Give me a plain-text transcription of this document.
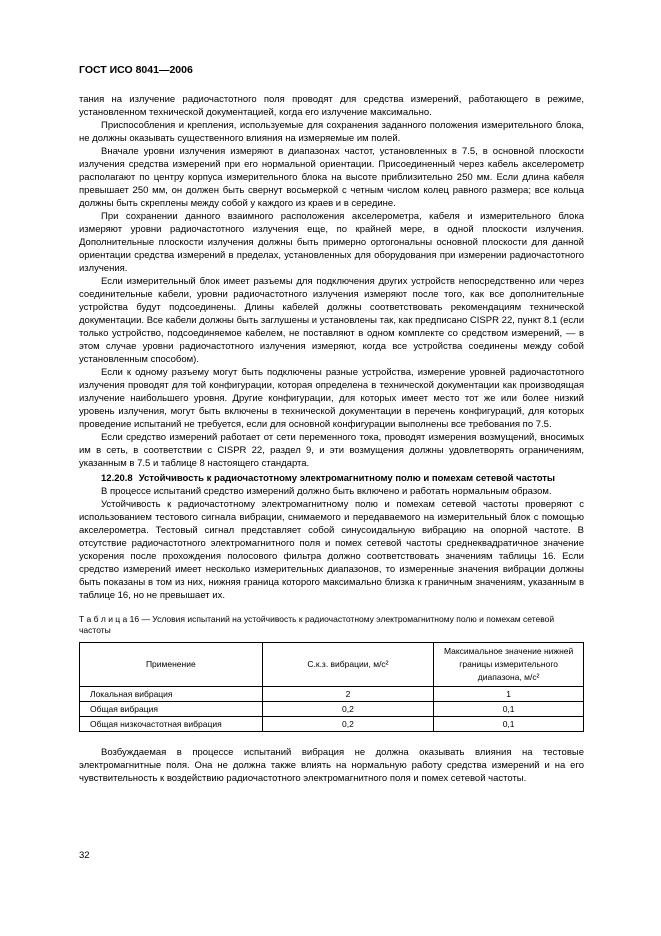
ГОСТ ИСО 8041—2006

тания на излучение радиочастотного поля проводят для средства измерений, работающего в режиме, установленном технической документацией, когда его излучение максимально.

Приспособления и крепления, используемые для сохранения заданного положения измерительного блока, не должны оказывать существенного влияния на измеряемые им полей.

Вначале уровни излучения измеряют в диапазонах частот, установленных в 7.5, в основной плоскости излучения средства измерений при его нормальной ориентации. Присоединенный через кабель акселерометр располагают по центру корпуса измерительного блока на высоте приблизительно 250 мм. Если длина кабеля превышает 250 мм, он должен быть свернут восьмеркой с четным числом колец равного размера; все кольца должны быть скреплены между собой у каждого из краев и в середине.

При сохранении данного взаимного расположения акселерометра, кабеля и измерительного блока измеряют уровни радиочастотного излучения еще, по крайней мере, в одной плоскости излучения. Дополнительные плоскости излучения должны быть примерно ортогональны основной плоскости для данной ориентации средства измерений в пределах, установленных для оборудования при измерении радиочастотного излучения.

Если измерительный блок имеет разъемы для подключения других устройств непосредственно или через соединительные кабели, уровни радиочастотного излучения измеряют после того, как все дополнительные устройства будут подсоединены. Длины кабелей должны соответствовать рекомендациям технической документации. Все кабели должны быть заглушены и установлены так, как предписано CISPR 22, пункт 8.1 (если только устройство, подсоединяемое кабелем, не поставляют в одном комплекте со средством измерений, — в этом случае уровни радиочастотного излучения измеряют, когда все устройства соединены между собой установленным способом).

Если к одному разъему могут быть подключены разные устройства, измерение уровней радиочастотного излучения проводят для той конфигурации, которая определена в технической документации как производящая излучение наибольшего уровня. Другие конфигурации, для которых имеет место тот же или более низкий уровень излучения, могут быть включены в технической документации в перечень конфигураций, для которых проведение испытаний не требуется, если для основной конфигурации выполнены все требования по 7.5.

Если средство измерений работает от сети переменного тока, проводят измерения возмущений, вносимых им в сеть, в соответствии с CISPR 22, раздел 9, и эти возмущения должны удовлетворять ограничениям, указанным в 7.5 и таблице 8 настоящего стандарта.

12.20.8 Устойчивость к радиочастотному электромагнитному полю и помехам сетевой частоты

В процессе испытаний средство измерений должно быть включено и работать нормальным образом.

Устойчивость к радиочастотному электромагнитному полю и помехам сетевой частоты проверяют с использованием тестового сигнала вибрации, снимаемого и передаваемого на измерительный блок с помощью акселерометра. Тестовый сигнал представляет собой синусоидальную вибрацию на опорной частоте. В отсутствие радиочастотного электромагнитного поля и помех сетевой частоты среднеквадратичное значение ускорения после прохождения полосового фильтра должно соответствовать значениям таблицы 16. Если средство измерений имеет несколько измерительных диапазонов, то измеренные значения вибрации должны быть показаны в том из них, нижняя граница которого максимально близка к граничным значениям, указанным в таблице 16, но не превышает их.

Т а б л и ц а 16 — Условия испытаний на устойчивость к радиочастотному электромагнитному полю и помехам сетевой частоты

Применение	С.к.з. вибрации, м/с²	Максимальное значение нижней границы измерительного диапазона, м/с²
Локальная вибрация	2	1
Общая вибрация	0,2	0,1
Общая низкочастотная вибрация	0,2	0,1

Возбуждаемая в процессе испытаний вибрация не должна оказывать влияния на тестовые электромагнитные поля. Она не должна также влиять на нормальную работу средства измерений и на его чувствительность к воздействию радиочастотного электромагнитного поля и помех сетевой частоты.

32
